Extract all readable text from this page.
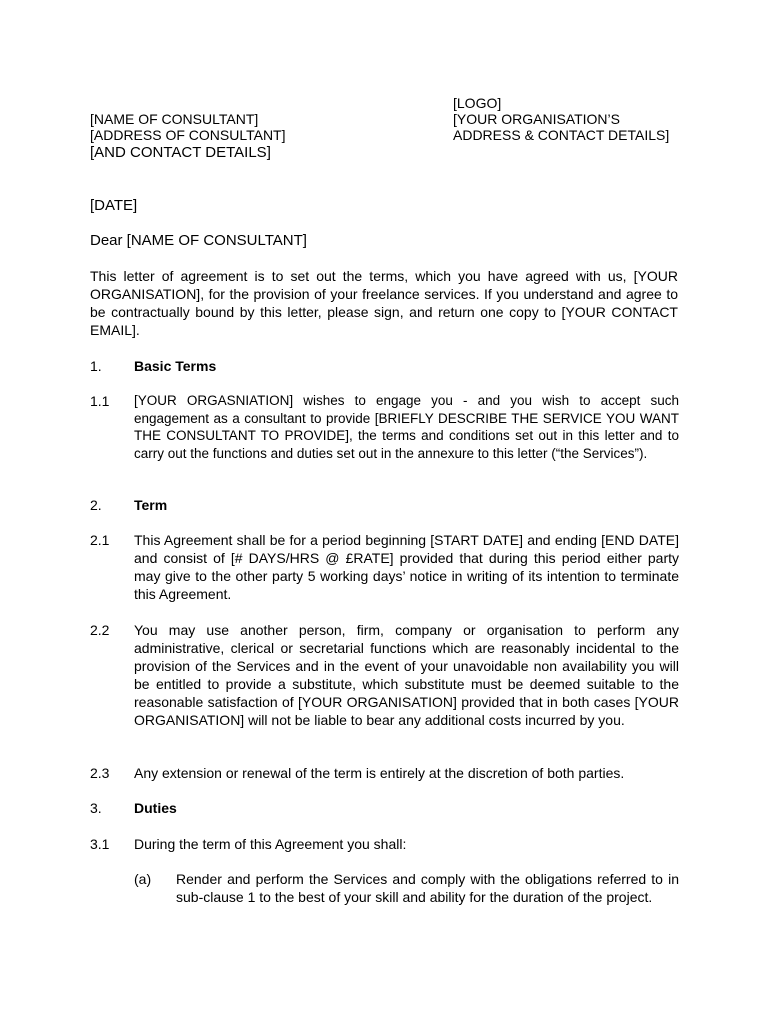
[LOGO]
[YOUR ORGANISATION’S
ADDRESS & CONTACT DETAILS]
[NAME OF CONSULTANT]
[ADDRESS OF CONSULTANT]
[AND CONTACT DETAILS]
[DATE]
Dear [NAME OF CONSULTANT]

This letter of agreement is to set out the terms, which you have agreed with us, [YOUR ORGANISATION], for the provision of your freelance services. If you understand and agree to be contractually bound by this letter, please sign, and return one copy to [YOUR CONTACT EMAIL].

1. Basic Terms
1.1 [YOUR ORGASNIATION] wishes to engage you - and you wish to accept such engagement as a consultant to provide [BRIEFLY DESCRIBE THE SERVICE YOU WANT THE CONSULTANT TO PROVIDE], the terms and conditions set out in this letter and to carry out the functions and duties set out in the annexure to this letter (“the Services”).

2. Term
2.1 This Agreement shall be for a period beginning [START DATE] and ending [END DATE] and consist of [# DAYS/HRS @ £RATE] provided that during this period either party may give to the other party 5 working days’ notice in writing of its intention to terminate this Agreement.

2.2 You may use another person, firm, company or organisation to perform any administrative, clerical or secretarial functions which are reasonably incidental to the provision of the Services and in the event of your unavoidable non availability you will be entitled to provide a substitute, which substitute must be deemed suitable to the reasonable satisfaction of [YOUR ORGANISATION] provided that in both cases [YOUR ORGANISATION] will not be liable to bear any additional costs incurred by you.

2.3 Any extension or renewal of the term is entirely at the discretion of both parties.

3. Duties
3.1 During the term of this Agreement you shall:

(a) Render and perform the Services and comply with the obligations referred to in sub-clause 1 to the best of your skill and ability for the duration of the project.
